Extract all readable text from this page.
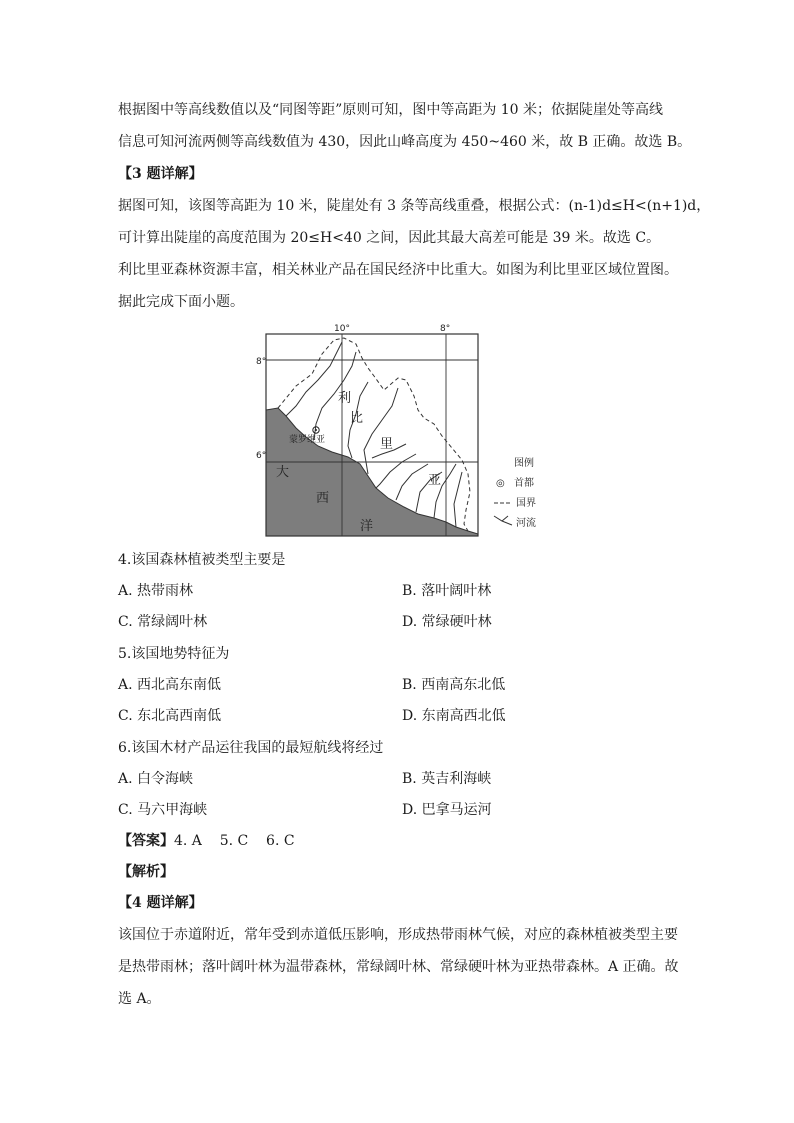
根据图中等高线数值以及“同图等距”原则可知，图中等高距为 10 米；依据陡崖处等高线
信息可知河流两侧等高线数值为 430，因此山峰高度为 450~460 米，故 B 正确。故选 B。
【3 题详解】
据图可知，该图等高距为 10 米，陡崖处有 3 条等高线重叠，根据公式：(n-1)d≤H<(n+1)d，
可计算出陡崖的高度范围为 20≤H<40 之间，因此其最大高差可能是 39 米。故选 C。
利比里亚森林资源丰富，相关林业产品在国民经济中比重大。如图为利比里亚区域位置图。
据此完成下面小题。
蒙罗维亚
10°	8°
8°
6°
利
比
里
亚
大
西
洋
图例
◎ 首都
国界
河流
4.该国森林植被类型主要是
A. 热带雨林	B. 落叶阔叶林
C. 常绿阔叶林	D. 常绿硬叶林
5.该国地势特征为
A. 西北高东南低	B. 西南高东北低
C. 东北高西南低	D. 东南高西北低
6.该国木材产品运往我国的最短航线将经过
A. 白令海峡	B. 英吉利海峡
C. 马六甲海峡	D. 巴拿马运河
【答案】4. A    5. C    6. C
【解析】
【4 题详解】
该国位于赤道附近，常年受到赤道低压影响，形成热带雨林气候，对应的森林植被类型主要
是热带雨林；落叶阔叶林为温带森林，常绿阔叶林、常绿硬叶林为亚热带森林。A 正确。故
选 A。
